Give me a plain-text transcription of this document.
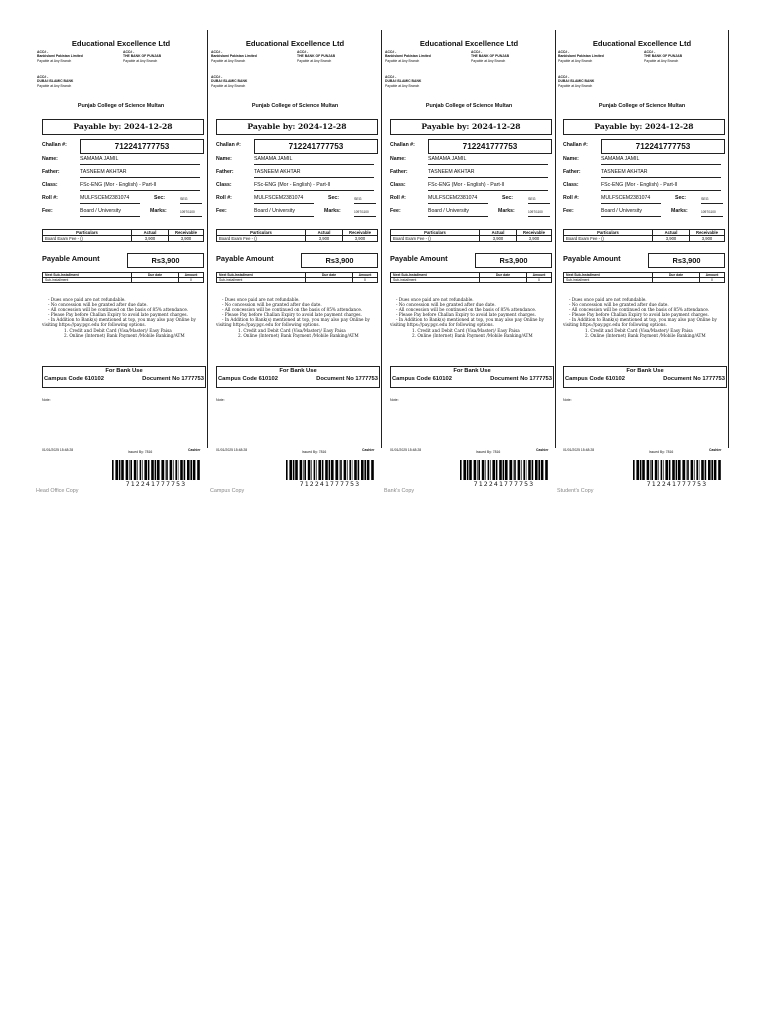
Educational Excellence Ltd
ACC# -
Bankislami Pakistan Limited
Payable at Any Branch
ACC# -
THE BANK OF PUNJAB
Payable at Any Branch
ACC# -
DUBAI ISLAMIC BANK
Payable at Any Branch
Punjab College of Science Multan
Payable by: 2024-12-28
Challan #:	712241777753
Name:	SAMAMA JAMIL
Father:	TASNEEM AKHTAR
Class:	FSc-ENG (Mor - English) - Part-II
Roll #:	MULFSCEM2381074	Sec:	SEG
Fee:	Board / University	Marks:	1097/1100
Particulars	Actual	Receivable
Board Exam Fee - ()	3,900	3,900
Payable Amount	Rs3,900
Next Sub-Installment	Due date	Amount
Sub-installment		0
- Dues once paid are not refundable.
- No concession will be granted after due date.
- All concession will be continued on the basis of 85% attendance.
- Please Pay before Challan Expiry to avoid late payment charges.
- In Addition to Bank(s) mentioned at top, you may also pay Online by visiting https://pay.pgc.edu for following options.
1. Credit and Debit Card (Visa/Master)/ Easy Paisa
2. Online (Internet) Bank Payment /Mobile Banking/ATM
For Bank Use
Campus Code 610102	Document No 1777753
Note:
01/01/2025 15:48:28	Issued By: 7816	Cashier
712241777753
Head Office Copy
Educational Excellence Ltd
ACC# -
Bankislami Pakistan Limited
Payable at Any Branch
ACC# -
THE BANK OF PUNJAB
Payable at Any Branch
ACC# -
DUBAI ISLAMIC BANK
Payable at Any Branch
Punjab College of Science Multan
Payable by: 2024-12-28
Challan #:	712241777753
Name:	SAMAMA JAMIL
Father:	TASNEEM AKHTAR
Class:	FSc-ENG (Mor - English) - Part-II
Roll #:	MULFSCEM2381074	Sec:	SEG
Fee:	Board / University	Marks:	1097/1100
Particulars	Actual	Receivable
Board Exam Fee - ()	3,900	3,900
Payable Amount	Rs3,900
Next Sub-Installment	Due date	Amount
Sub-installment		0
- Dues once paid are not refundable.
- No concession will be granted after due date.
- All concession will be continued on the basis of 85% attendance.
- Please Pay before Challan Expiry to avoid late payment charges.
- In Addition to Bank(s) mentioned at top, you may also pay Online by visiting https://pay.pgc.edu for following options.
1. Credit and Debit Card (Visa/Master)/ Easy Paisa
2. Online (Internet) Bank Payment /Mobile Banking/ATM
For Bank Use
Campus Code 610102	Document No 1777753
Note:
01/01/2025 15:48:28	Issued By: 7816	Cashier
712241777753
Campus Copy
Educational Excellence Ltd
ACC# -
Bankislami Pakistan Limited
Payable at Any Branch
ACC# -
THE BANK OF PUNJAB
Payable at Any Branch
ACC# -
DUBAI ISLAMIC BANK
Payable at Any Branch
Punjab College of Science Multan
Payable by: 2024-12-28
Challan #:	712241777753
Name:	SAMAMA JAMIL
Father:	TASNEEM AKHTAR
Class:	FSc-ENG (Mor - English) - Part-II
Roll #:	MULFSCEM2381074	Sec:	SEG
Fee:	Board / University	Marks:	1097/1100
Particulars	Actual	Receivable
Board Exam Fee - ()	3,900	3,900
Payable Amount	Rs3,900
Next Sub-Installment	Due date	Amount
Sub-installment		0
- Dues once paid are not refundable.
- No concession will be granted after due date.
- All concession will be continued on the basis of 85% attendance.
- Please Pay before Challan Expiry to avoid late payment charges.
- In Addition to Bank(s) mentioned at top, you may also pay Online by visiting https://pay.pgc.edu for following options.
1. Credit and Debit Card (Visa/Master)/ Easy Paisa
2. Online (Internet) Bank Payment /Mobile Banking/ATM
For Bank Use
Campus Code 610102	Document No 1777753
Note:
01/01/2025 15:48:28	Issued By: 7816	Cashier
712241777753
Bank's Copy
Educational Excellence Ltd
ACC# -
Bankislami Pakistan Limited
Payable at Any Branch
ACC# -
THE BANK OF PUNJAB
Payable at Any Branch
ACC# -
DUBAI ISLAMIC BANK
Payable at Any Branch
Punjab College of Science Multan
Payable by: 2024-12-28
Challan #:	712241777753
Name:	SAMAMA JAMIL
Father:	TASNEEM AKHTAR
Class:	FSc-ENG (Mor - English) - Part-II
Roll #:	MULFSCEM2381074	Sec:	SEG
Fee:	Board / University	Marks:	1097/1100
Particulars	Actual	Receivable
Board Exam Fee - ()	3,900	3,900
Payable Amount	Rs3,900
Next Sub-Installment	Due date	Amount
Sub-installment		0
- Dues once paid are not refundable.
- No concession will be granted after due date.
- All concession will be continued on the basis of 85% attendance.
- Please Pay before Challan Expiry to avoid late payment charges.
- In Addition to Bank(s) mentioned at top, you may also pay Online by visiting https://pay.pgc.edu for following options.
1. Credit and Debit Card (Visa/Master)/ Easy Paisa
2. Online (Internet) Bank Payment /Mobile Banking/ATM
For Bank Use
Campus Code 610102	Document No 1777753
Note:
01/01/2025 15:48:28	Issued By: 7816	Cashier
712241777753
Student's Copy
